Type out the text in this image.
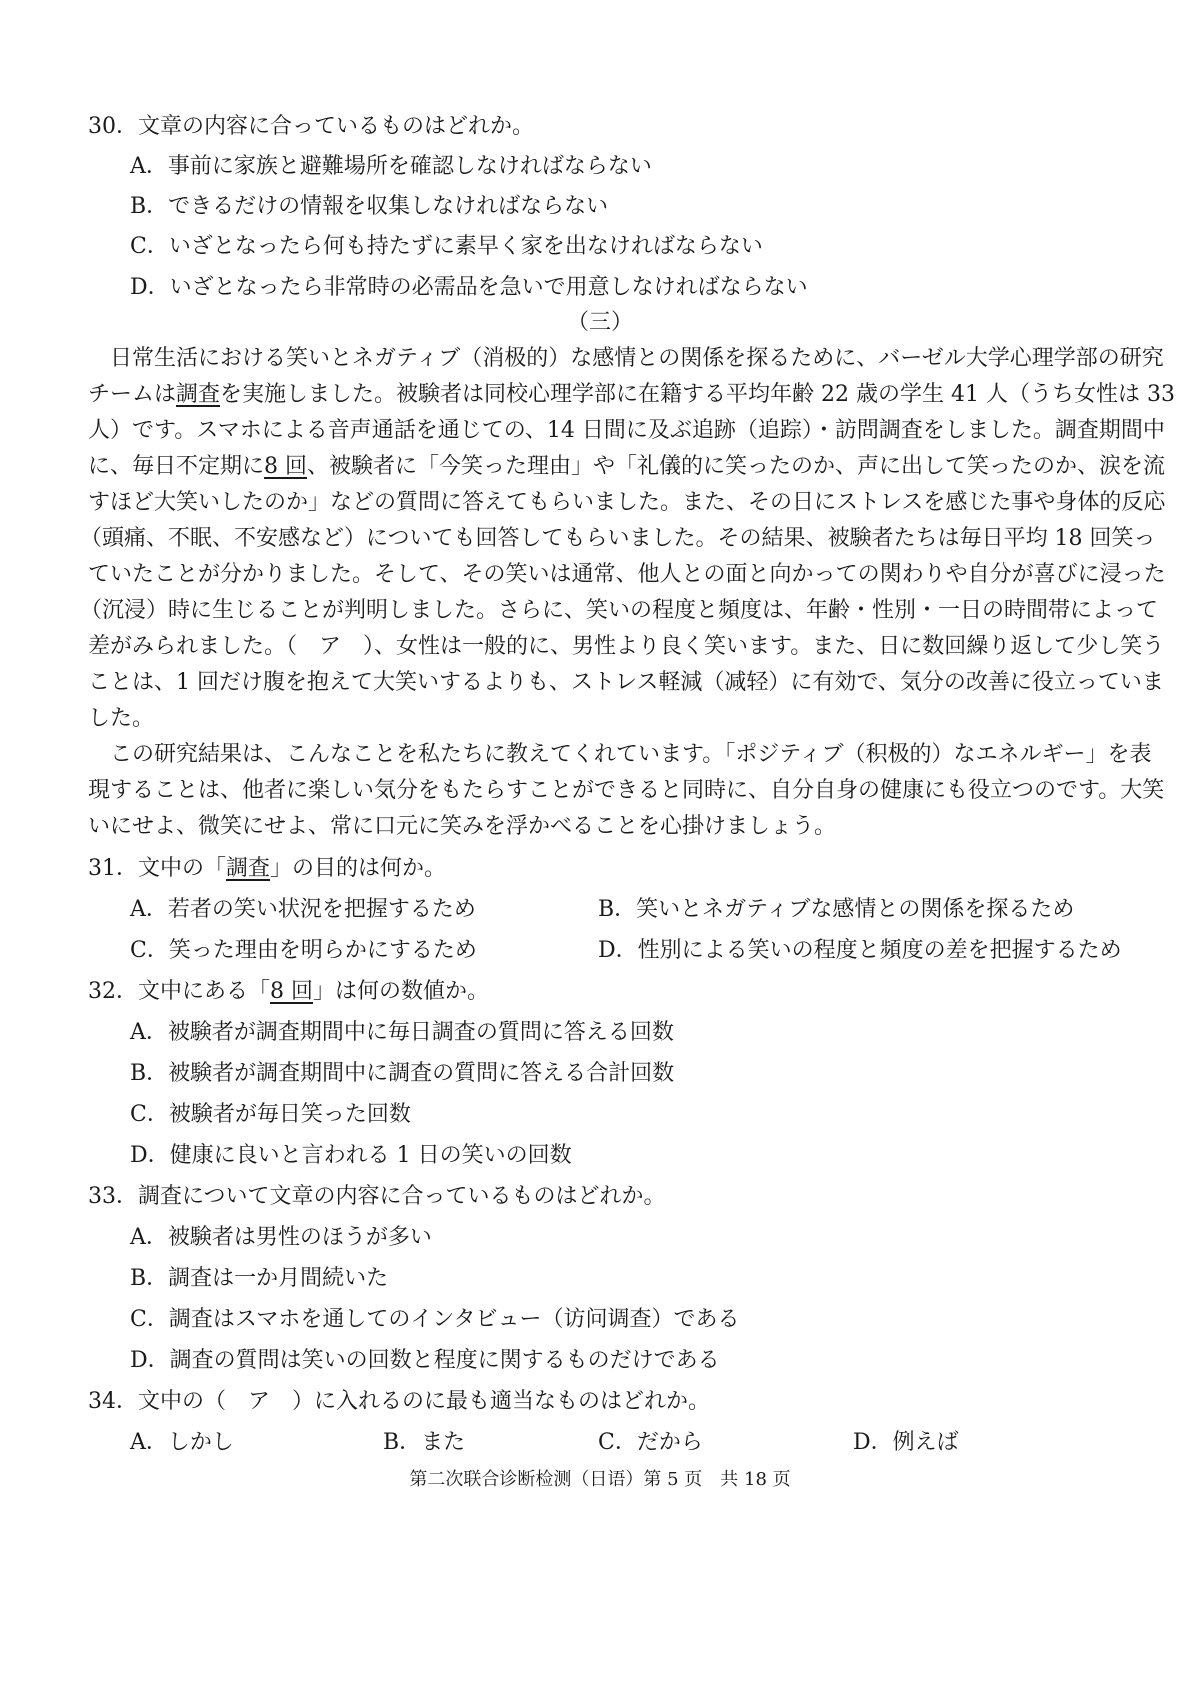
30．文章の内容に合っているものはどれか。
A．事前に家族と避難場所を確認しなければならない
B．できるだけの情報を収集しなければならない
C．いざとなったら何も持たずに素早く家を出なければならない
D．いざとなったら非常時の必需品を急いで用意しなければならない
（三）
日常生活における笑いとネガティブ（消极的）な感情との関係を探るために、バーゼル大学心理学部の研究
チームは調査を実施しました。被験者は同校心理学部に在籍する平均年齢 22 歳の学生 41 人（うち女性は 33
人）です。スマホによる音声通話を通じての、14 日間に及ぶ追跡（追踪）・訪問調査をしました。調査期間中
に、毎日不定期に8 回、被験者に「今笑った理由」や「礼儀的に笑ったのか、声に出して笑ったのか、涙を流
すほど大笑いしたのか」などの質問に答えてもらいました。また、その日にストレスを感じた事や身体的反応
（頭痛、不眠、不安感など）についても回答してもらいました。その結果、被験者たちは毎日平均 18 回笑っ
ていたことが分かりました。そして、その笑いは通常、他人との面と向かっての関わりや自分が喜びに浸った
（沉浸）時に生じることが判明しました。さらに、笑いの程度と頻度は、年齢・性別・一日の時間帯によって
差がみられました。（　ア　）、女性は一般的に、男性より良く笑います。また、日に数回繰り返して少し笑う
ことは、1 回だけ腹を抱えて大笑いするよりも、ストレス軽減（减轻）に有効で、気分の改善に役立っていま
した。
この研究結果は、こんなことを私たちに教えてくれています。「ポジティブ（积极的）なエネルギー」を表
現することは、他者に楽しい気分をもたらすことができると同時に、自分自身の健康にも役立つのです。大笑
いにせよ、微笑にせよ、常に口元に笑みを浮かべることを心掛けましょう。
31．文中の「調査」の目的は何か。
A．若者の笑い状況を把握するため	B．笑いとネガティブな感情との関係を探るため
C．笑った理由を明らかにするため	D．性別による笑いの程度と頻度の差を把握するため
32．文中にある「8 回」は何の数値か。
A．被験者が調査期間中に毎日調査の質問に答える回数
B．被験者が調査期間中に調査の質問に答える合計回数
C．被験者が毎日笑った回数
D．健康に良いと言われる 1 日の笑いの回数
33．調査について文章の内容に合っているものはどれか。
A．被験者は男性のほうが多い
B．調査は一か月間続いた
C．調査はスマホを通してのインタビュー（访问调查）である
D．調査の質問は笑いの回数と程度に関するものだけである
34．文中の（　ア　）に入れるのに最も適当なものはどれか。
A．しかし	B．また	C．だから	D．例えば
第二次联合诊断检测（日语）第 5 页　共 18 页
